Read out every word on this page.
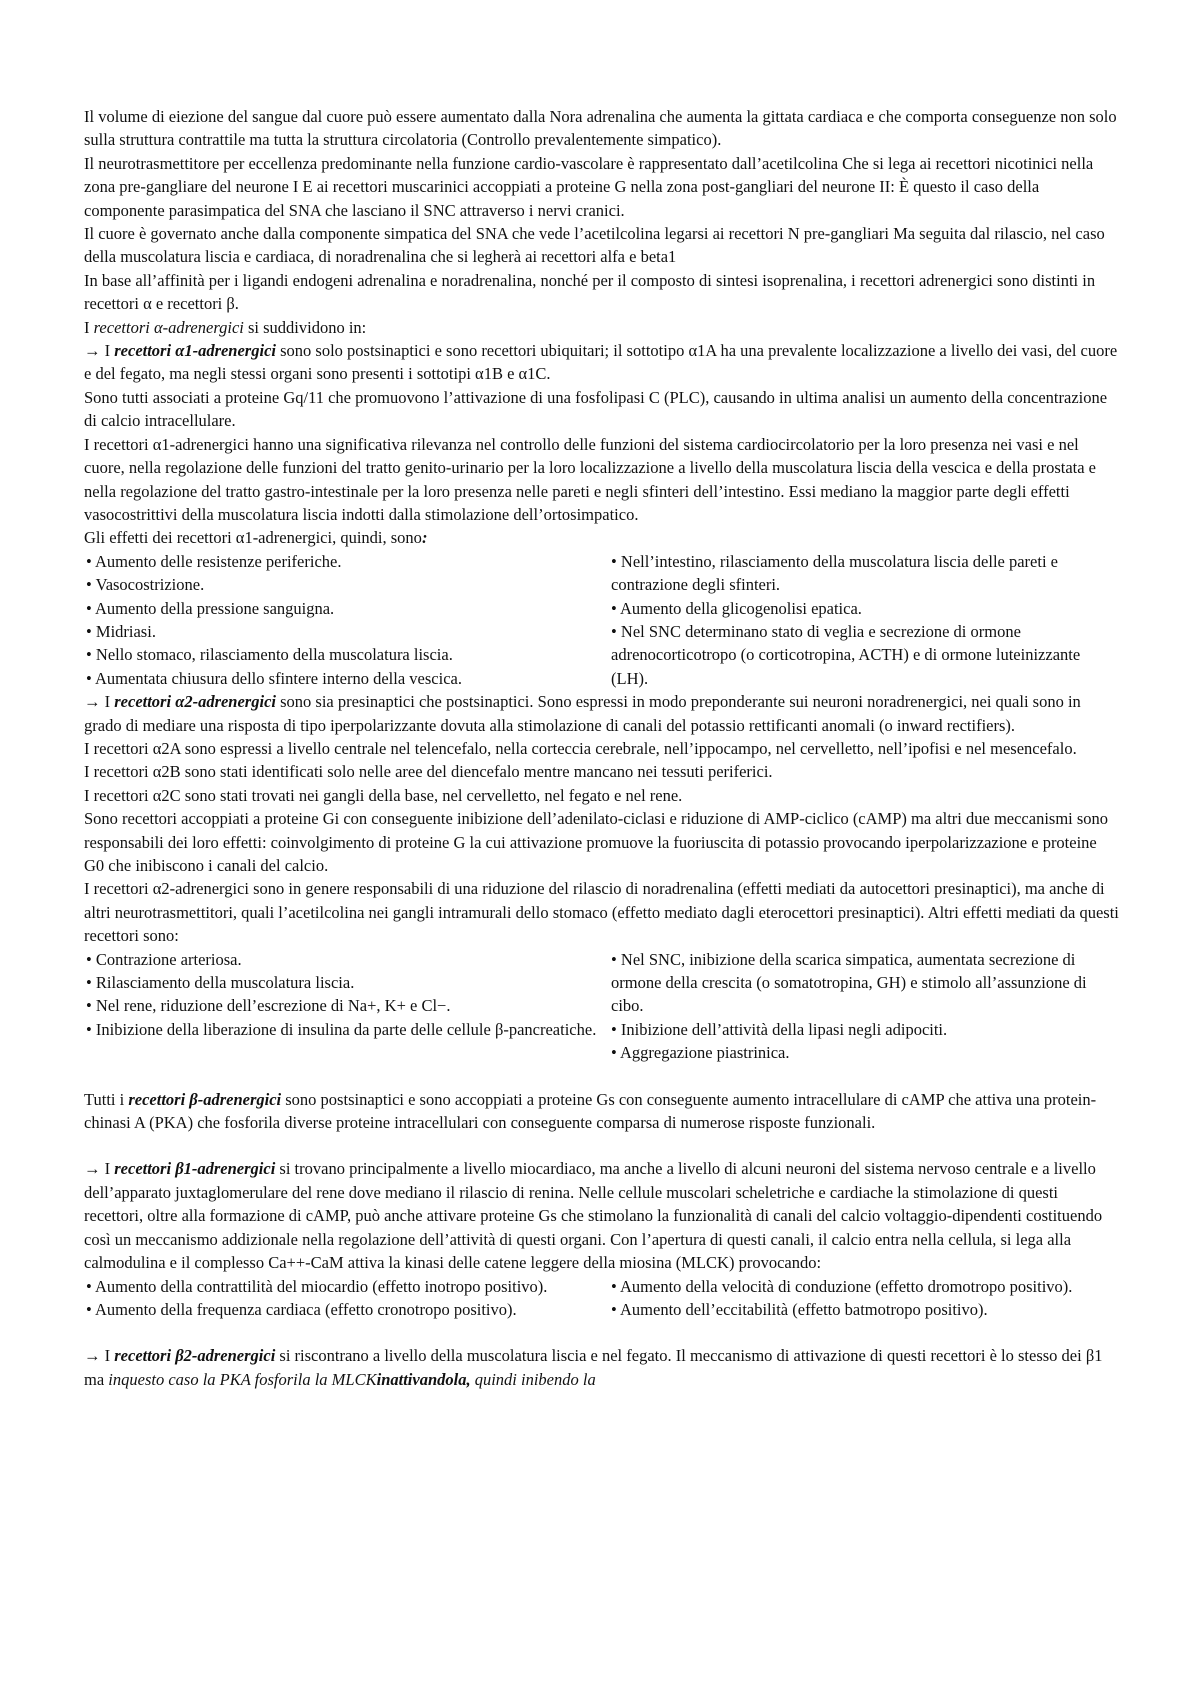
Il volume di eiezione del sangue dal cuore può essere aumentato dalla Nora adrenalina che aumenta la gittata cardiaca e che comporta conseguenze non solo sulla struttura contrattile ma tutta la struttura circolatoria (Controllo prevalentemente simpatico).

Il neurotrasmettitore per eccellenza predominante nella funzione cardio-vascolare è rappresentato dall’acetilcolina Che si lega ai recettori nicotinici nella zona pre-gangliare del neurone I E ai recettori muscarinici accoppiati a proteine G nella zona post-gangliari del neurone II: È questo il caso della componente parasimpatica del SNA che lasciano il SNC attraverso i nervi cranici.

Il cuore è governato anche dalla componente simpatica del SNA che vede l’acetilcolina legarsi ai recettori N pre-gangliari Ma seguita dal rilascio, nel caso della muscolatura liscia e cardiaca, di noradrenalina che si legherà ai recettori alfa e beta1

In base all’affinità per i ligandi endogeni adrenalina e noradrenalina, nonché per il composto di sintesi isoprenalina, i recettori adrenergici sono distinti in recettori α e recettori β.

I recettori α-adrenergici si suddividono in:

→ I recettori α1-adrenergici sono solo postsinaptici e sono recettori ubiquitari; il sottotipo α1A ha una prevalente localizzazione a livello dei vasi, del cuore e del fegato, ma negli stessi organi sono presenti i sottotipi α1B e α1C.

Sono tutti associati a proteine Gq/11 che promuovono l’attivazione di una fosfolipasi C (PLC), causando in ultima analisi un aumento della concentrazione di calcio intracellulare.

I recettori α1-adrenergici hanno una significativa rilevanza nel controllo delle funzioni del sistema cardiocircolatorio per la loro presenza nei vasi e nel cuore, nella regolazione delle funzioni del tratto genito-urinario per la loro localizzazione a livello della muscolatura liscia della vescica e della prostata e nella regolazione del tratto gastro-intestinale per la loro presenza nelle pareti e negli sfinteri dell’intestino. Essi mediano la maggior parte degli effetti vasocostrittivi della muscolatura liscia indotti dalla stimolazione dell’ortosimpatico.

Gli effetti dei recettori α1-adrenergici, quindi, sono:

• Aumento delle resistenze periferiche.

• Vasocostrizione.

• Aumento della pressione sanguigna.

• Midriasi.

• Nello stomaco, rilasciamento della muscolatura liscia.

• Aumentata chiusura dello sfintere interno della vescica.

• Nell’intestino, rilasciamento della muscolatura liscia delle pareti e contrazione degli sfinteri.

• Aumento della glicogenolisi epatica.

• Nel SNC determinano stato di veglia e secrezione di ormone adrenocorticotropo (o corticotropina, ACTH) e di ormone luteinizzante (LH).

→ I recettori α2-adrenergici sono sia presinaptici che postsinaptici. Sono espressi in modo preponderante sui neuroni noradrenergici, nei quali sono in grado di mediare una risposta di tipo iperpolarizzante dovuta alla stimolazione di canali del potassio rettificanti anomali (o inward rectifiers).

I recettori α2A sono espressi a livello centrale nel telencefalo, nella corteccia cerebrale, nell’ippocampo, nel cervelletto, nell’ipofisi e nel mesencefalo.

I recettori α2B sono stati identificati solo nelle aree del diencefalo mentre mancano nei tessuti periferici.

I recettori α2C sono stati trovati nei gangli della base, nel cervelletto, nel fegato e nel rene.

Sono recettori accoppiati a proteine Gi con conseguente inibizione dell’adenilato-ciclasi e riduzione di AMP-ciclico (cAMP) ma altri due meccanismi sono responsabili dei loro effetti: coinvolgimento di proteine G la cui attivazione promuove la fuoriuscita di potassio provocando iperpolarizzazione e proteine G0 che inibiscono i canali del calcio.

I recettori α2-adrenergici sono in genere responsabili di una riduzione del rilascio di noradrenalina (effetti mediati da autocettori presinaptici), ma anche di altri neurotrasmettitori, quali l’acetilcolina nei gangli intramurali dello stomaco (effetto mediato dagli eterocettori presinaptici). Altri effetti mediati da questi recettori sono:

• Contrazione arteriosa.

• Rilasciamento della muscolatura liscia.

• Nel rene, riduzione dell’escrezione di Na+, K+ e Cl−.

• Inibizione della liberazione di insulina da parte delle cellule β-pancreatiche.

• Nel SNC, inibizione della scarica simpatica, aumentata secrezione di ormone della crescita (o somatotropina, GH) e stimolo all’assunzione di cibo.

• Inibizione dell’attività della lipasi negli adipociti.

• Aggregazione piastrinica.

Tutti i recettori β-adrenergici sono postsinaptici e sono accoppiati a proteine Gs con conseguente aumento intracellulare di cAMP che attiva una protein-chinasi A (PKA) che fosforila diverse proteine intracellulari con conseguente comparsa di numerose risposte funzionali.

→ I recettori β1-adrenergici si trovano principalmente a livello miocardiaco, ma anche a livello di alcuni neuroni del sistema nervoso centrale e a livello dell’apparato juxtaglomerulare del rene dove mediano il rilascio di renina. Nelle cellule muscolari scheletriche e cardiache la stimolazione di questi recettori, oltre alla formazione di cAMP, può anche attivare proteine Gs che stimolano la funzionalità di canali del calcio voltaggio-dipendenti costituendo così un meccanismo addizionale nella regolazione dell’attività di questi organi. Con l’apertura di questi canali, il calcio entra nella cellula, si lega alla calmodulina e il complesso Ca++-CaM attiva la kinasi delle catene leggere della miosina (MLCK) provocando:

• Aumento della contrattilità del miocardio (effetto inotropo positivo).

• Aumento della frequenza cardiaca (effetto cronotropo positivo).

• Aumento della velocità di conduzione (effetto dromotropo positivo).

• Aumento dell’eccitabilità (effetto batmotropo positivo).

→ I recettori β2-adrenergici si riscontrano a livello della muscolatura liscia e nel fegato. Il meccanismo di attivazione di questi recettori è lo stesso dei β1 ma inquesto caso la PKA fosforila la MLCKinattivandola, quindi inibendo la
